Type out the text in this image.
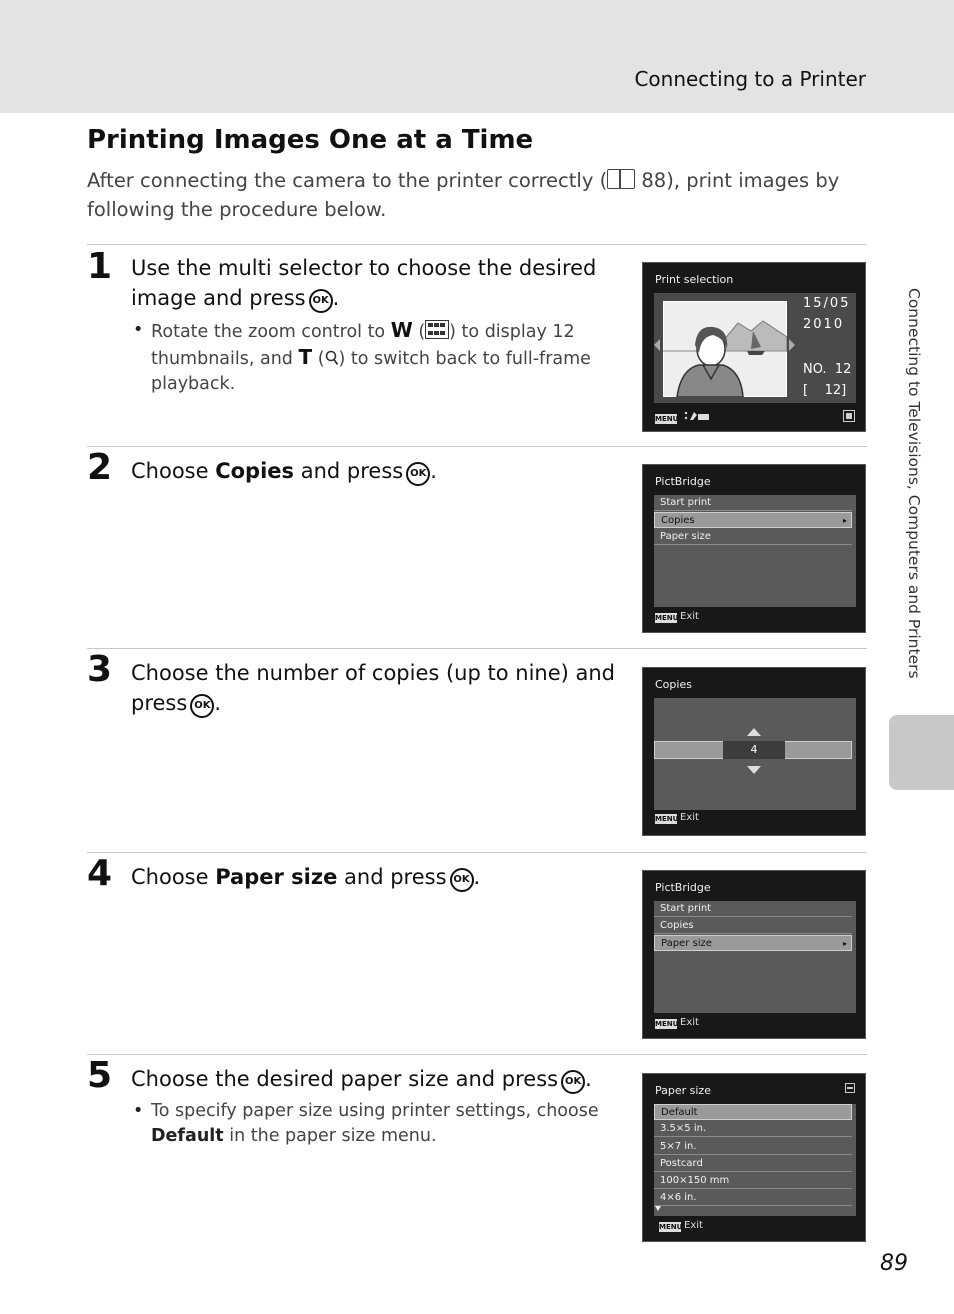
Connecting to a Printer
Connecting to Televisions, Computers and Printers
Printing Images One at a Time
After connecting the camera to the printer correctly ( 88), print images by following the procedure below.
1 Use the multi selector to choose the desired image and press OK .
• Rotate the zoom control to W ( ) to display 12 thumbnails, and T ( ) to switch back to full-frame playback.
Print selection
15/05
2010
NO.  12
[    12]
MENU
2 Choose Copies and press OK .	PictBridge
Start print
Copies	▸
Paper size
MENU Exit
3 Choose the number of copies (up to nine) and press OK .
Copies
4
MENU Exit
4 Choose Paper size and press OK .	PictBridge
Start print
Copies
Paper size	▸
MENU Exit
5 Choose the desired paper size and press OK .
• To specify paper size using printer settings, choose Default in the paper size menu.
Paper size
Default
3.5×5 in.
5×7 in.
Postcard
100×150 mm
4×6 in.
MENU Exit
89
